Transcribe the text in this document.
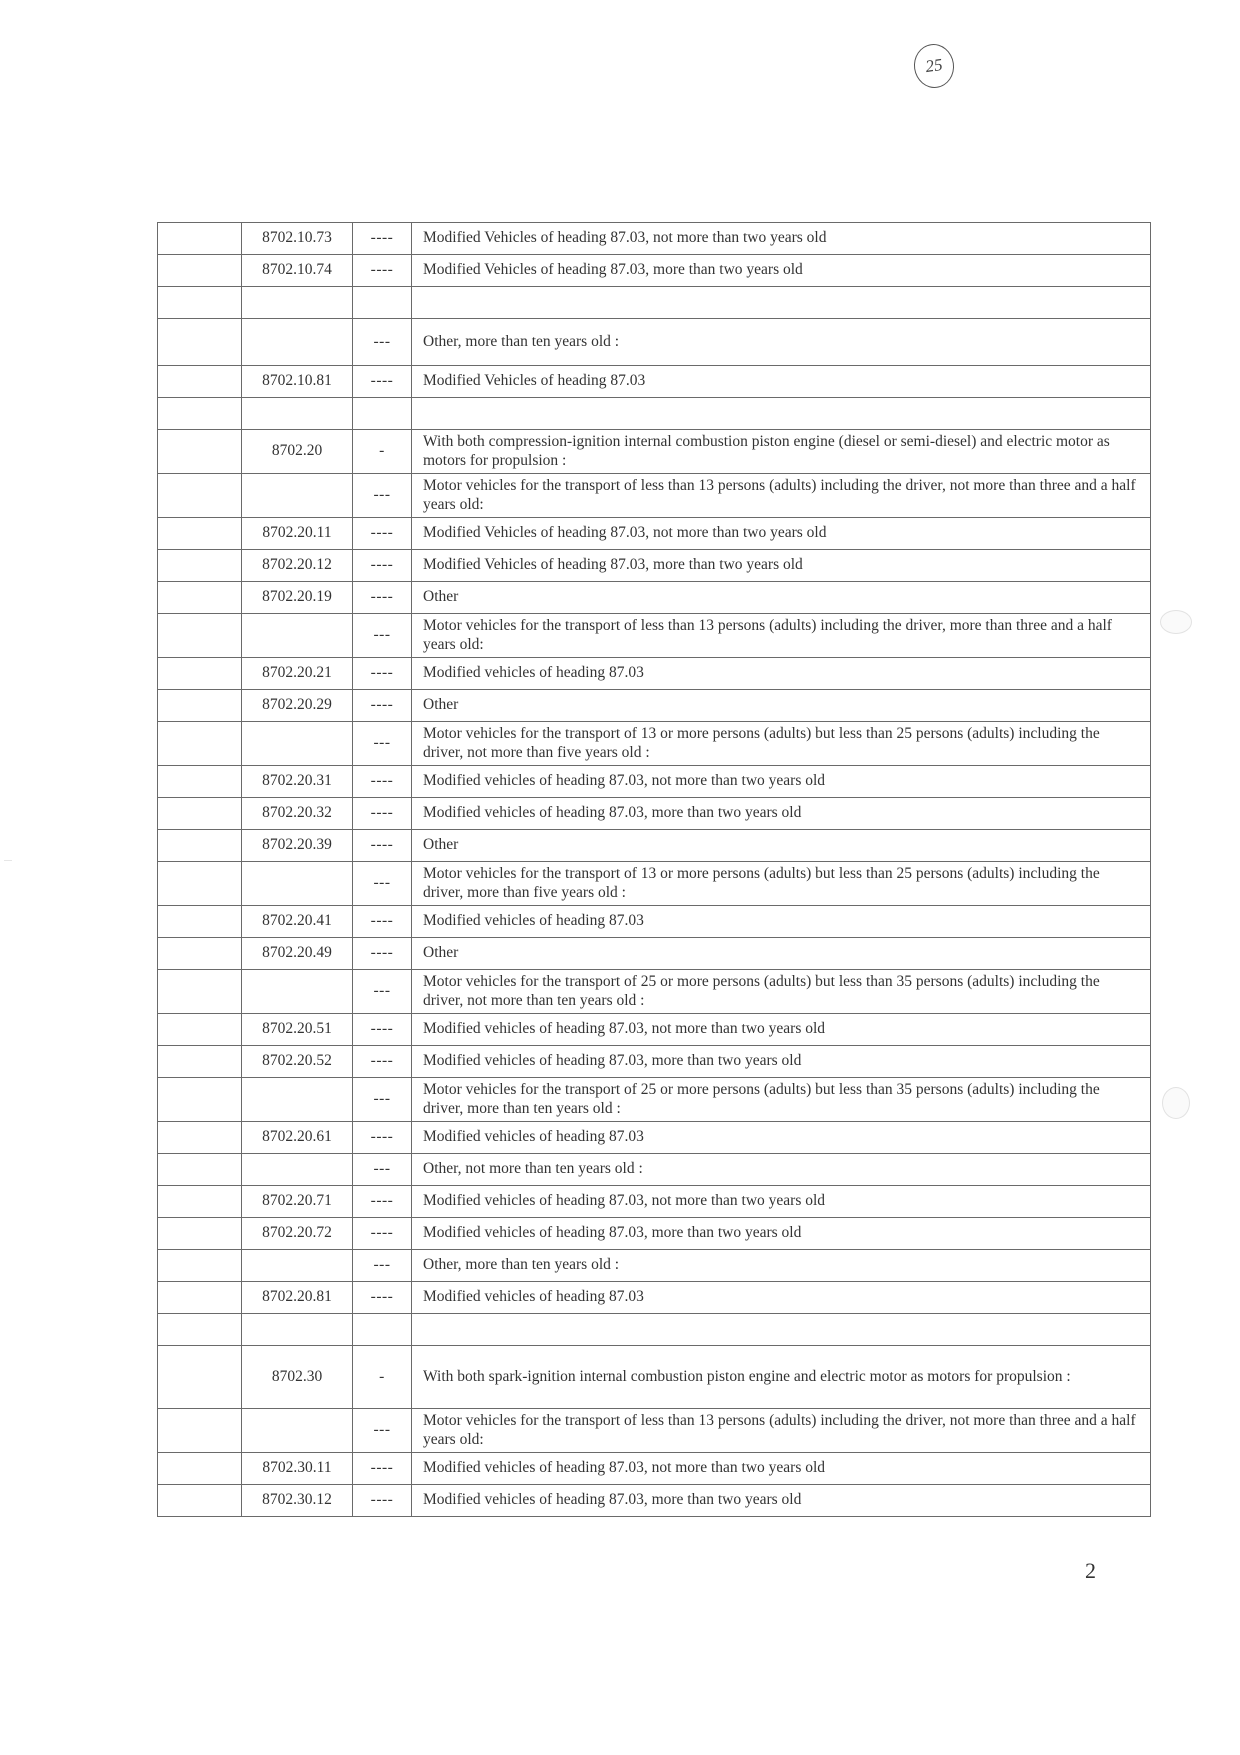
25
	8702.10.73	----	Modified Vehicles of heading 87.03, not more than two years old
	8702.10.74	----	Modified Vehicles of heading 87.03, more than two years old

		---	Other, more than ten years old :
	8702.10.81	----	Modified Vehicles of heading 87.03

	8702.20	-	With both compression-ignition internal combustion piston engine (diesel or semi-diesel) and electric motor as motors for propulsion :
		---	Motor vehicles for the transport of less than 13 persons (adults) including the driver, not more than three and a half years old:
	8702.20.11	----	Modified Vehicles of heading 87.03, not more than two years old
	8702.20.12	----	Modified Vehicles of heading 87.03, more than two years old
	8702.20.19	----	Other
		---	Motor vehicles for the transport of less than 13 persons (adults) including the driver, more than three and a half years old:
	8702.20.21	----	Modified vehicles of heading 87.03
	8702.20.29	----	Other
		---	Motor vehicles for the transport of 13 or more persons (adults) but less than 25 persons (adults) including the driver, not more than five years old :
	8702.20.31	----	Modified vehicles of heading 87.03, not more than two years old
	8702.20.32	----	Modified vehicles of heading 87.03, more than two years old
	8702.20.39	----	Other
		---	Motor vehicles for the transport of 13 or more persons (adults) but less than 25 persons (adults) including the driver, more than five years old :
	8702.20.41	----	Modified vehicles of heading 87.03
	8702.20.49	----	Other
		---	Motor vehicles for the transport of 25 or more persons (adults) but less than 35 persons (adults) including the driver, not more than ten years old :
	8702.20.51	----	Modified vehicles of heading 87.03, not more than two years old
	8702.20.52	----	Modified vehicles of heading 87.03, more than two years old
		---	Motor vehicles for the transport of 25 or more persons (adults) but less than 35 persons (adults) including the driver, more than ten years old :
	8702.20.61	----	Modified vehicles of heading 87.03
		---	Other, not more than ten years old :
	8702.20.71	----	Modified vehicles of heading 87.03, not more than two years old
	8702.20.72	----	Modified vehicles of heading 87.03, more than two years old
		---	Other, more than ten years old :
	8702.20.81	----	Modified vehicles of heading 87.03

	8702.30	-	With both spark-ignition internal combustion piston engine and electric motor as motors for propulsion :
		---	Motor vehicles for the transport of less than 13 persons (adults) including the driver, not more than three and a half years old:
	8702.30.11	----	Modified vehicles of heading 87.03, not more than two years old
	8702.30.12	----	Modified vehicles of heading 87.03, more than two years old
2
